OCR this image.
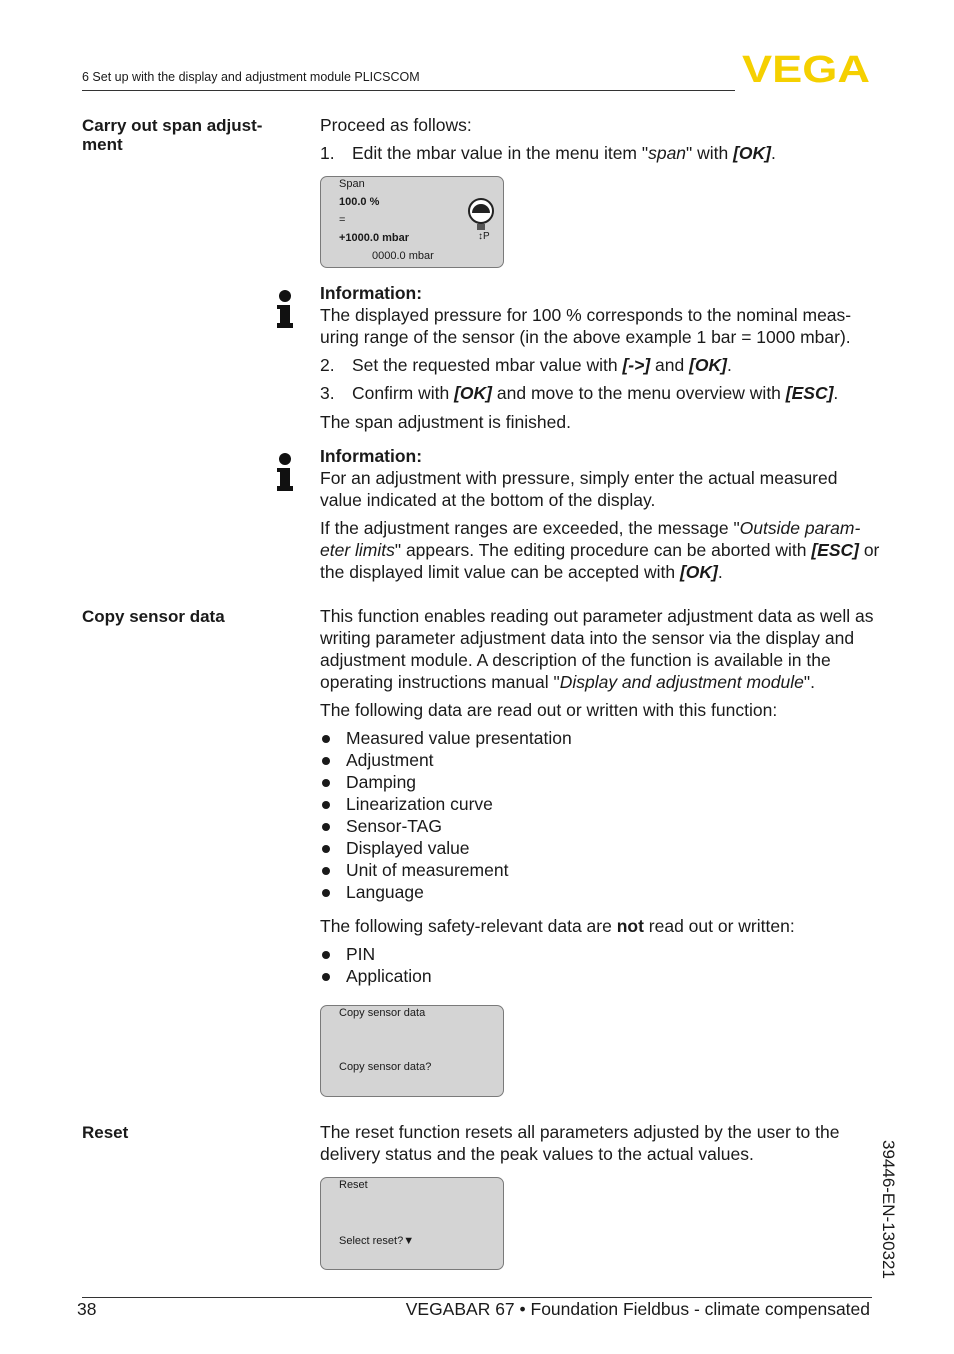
6 Set up with the display and adjustment module PLICSCOM	VEGA
Carry out span adjust-ment
Proceed as follows:
1. Edit the mbar value in the menu item "span" with [OK].
Span
100.0 %
=
+1000.0 mbar
0000.0 mbar
↕P
Information:
The displayed pressure for 100 % corresponds to the nominal meas-uring range of the sensor (in the above example 1 bar = 1000 mbar).
2. Set the requested mbar value with [->] and [OK].
3. Confirm with [OK] and move to the menu overview with [ESC].
The span adjustment is finished.
Information:
For an adjustment with pressure, simply enter the actual measured value indicated at the bottom of the display.
If the adjustment ranges are exceeded, the message "Outside param-eter limits" appears. The editing procedure can be aborted with [ESC] or the displayed limit value can be accepted with [OK].
Copy sensor data	This function enables reading out parameter adjustment data as well as writing parameter adjustment data into the sensor via the display and adjustment module. A description of the function is available in the operating instructions manual "Display and adjustment module".
The following data are read out or written with this function:
Measured value presentation
Adjustment
Damping
Linearization curve
Sensor-TAG
Displayed value
Unit of measurement
Language
The following safety-relevant data are not read out or written:
PIN
Application
Copy sensor data
Copy sensor data?
Reset	The reset function resets all parameters adjusted by the user to the delivery status and the peak values to the actual values.
Reset
Select reset?▼	39446-EN-130321
38	VEGABAR 67 • Foundation Fieldbus - climate compensated
